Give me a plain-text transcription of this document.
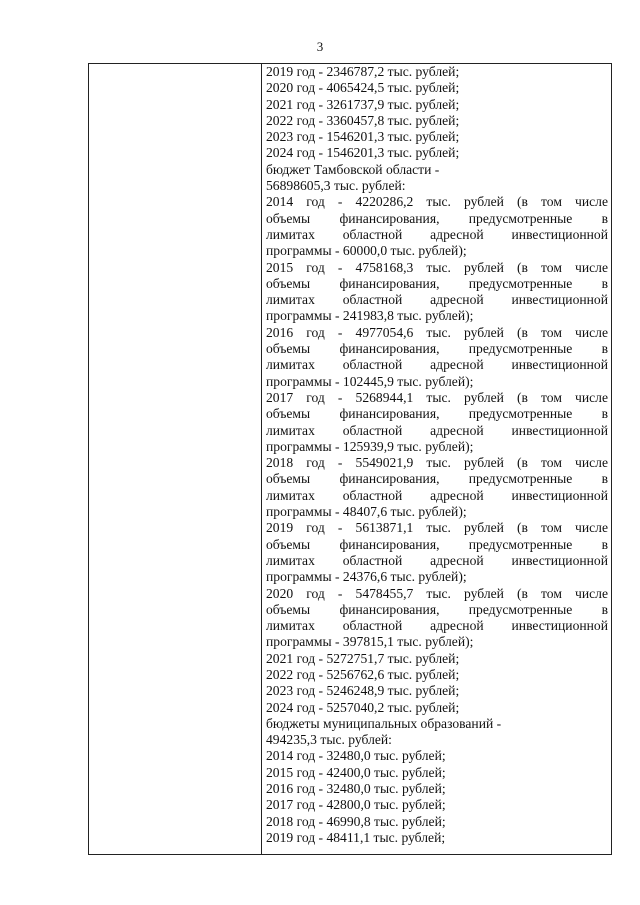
3
2019 год - 2346787,2 тыс. рублей;
2020 год - 4065424,5 тыс. рублей;
2021 год - 3261737,9 тыс. рублей;
2022 год - 3360457,8 тыс. рублей;
2023 год - 1546201,3 тыс. рублей;
2024 год - 1546201,3 тыс. рублей;
бюджет Тамбовской области -
56898605,3 тыс. рублей:
2014 год - 4220286,2 тыс. рублей (в том числе
объемы финансирования, предусмотренные в
лимитах областной адресной инвестиционной
программы - 60000,0 тыс. рублей);
2015 год - 4758168,3 тыс. рублей (в том числе
объемы финансирования, предусмотренные в
лимитах областной адресной инвестиционной
программы - 241983,8 тыс. рублей);
2016 год - 4977054,6 тыс. рублей (в том числе
объемы финансирования, предусмотренные в
лимитах областной адресной инвестиционной
программы - 102445,9 тыс. рублей);
2017 год - 5268944,1 тыс. рублей (в том числе
объемы финансирования, предусмотренные в
лимитах областной адресной инвестиционной
программы - 125939,9 тыс. рублей);
2018 год - 5549021,9 тыс. рублей (в том числе
объемы финансирования, предусмотренные в
лимитах областной адресной инвестиционной
программы - 48407,6 тыс. рублей);
2019 год - 5613871,1 тыс. рублей (в том числе
объемы финансирования, предусмотренные в
лимитах областной адресной инвестиционной
программы - 24376,6 тыс. рублей);
2020 год - 5478455,7 тыс. рублей (в том числе
объемы финансирования, предусмотренные в
лимитах областной адресной инвестиционной
программы - 397815,1 тыс. рублей);
2021 год - 5272751,7 тыс. рублей;
2022 год - 5256762,6 тыс. рублей;
2023 год - 5246248,9 тыс. рублей;
2024 год - 5257040,2 тыс. рублей;
бюджеты муниципальных образований -
494235,3 тыс. рублей:
2014 год - 32480,0 тыс. рублей;
2015 год - 42400,0 тыс. рублей;
2016 год - 32480,0 тыс. рублей;
2017 год - 42800,0 тыс. рублей;
2018 год - 46990,8 тыс. рублей;
2019 год - 48411,1 тыс. рублей;
